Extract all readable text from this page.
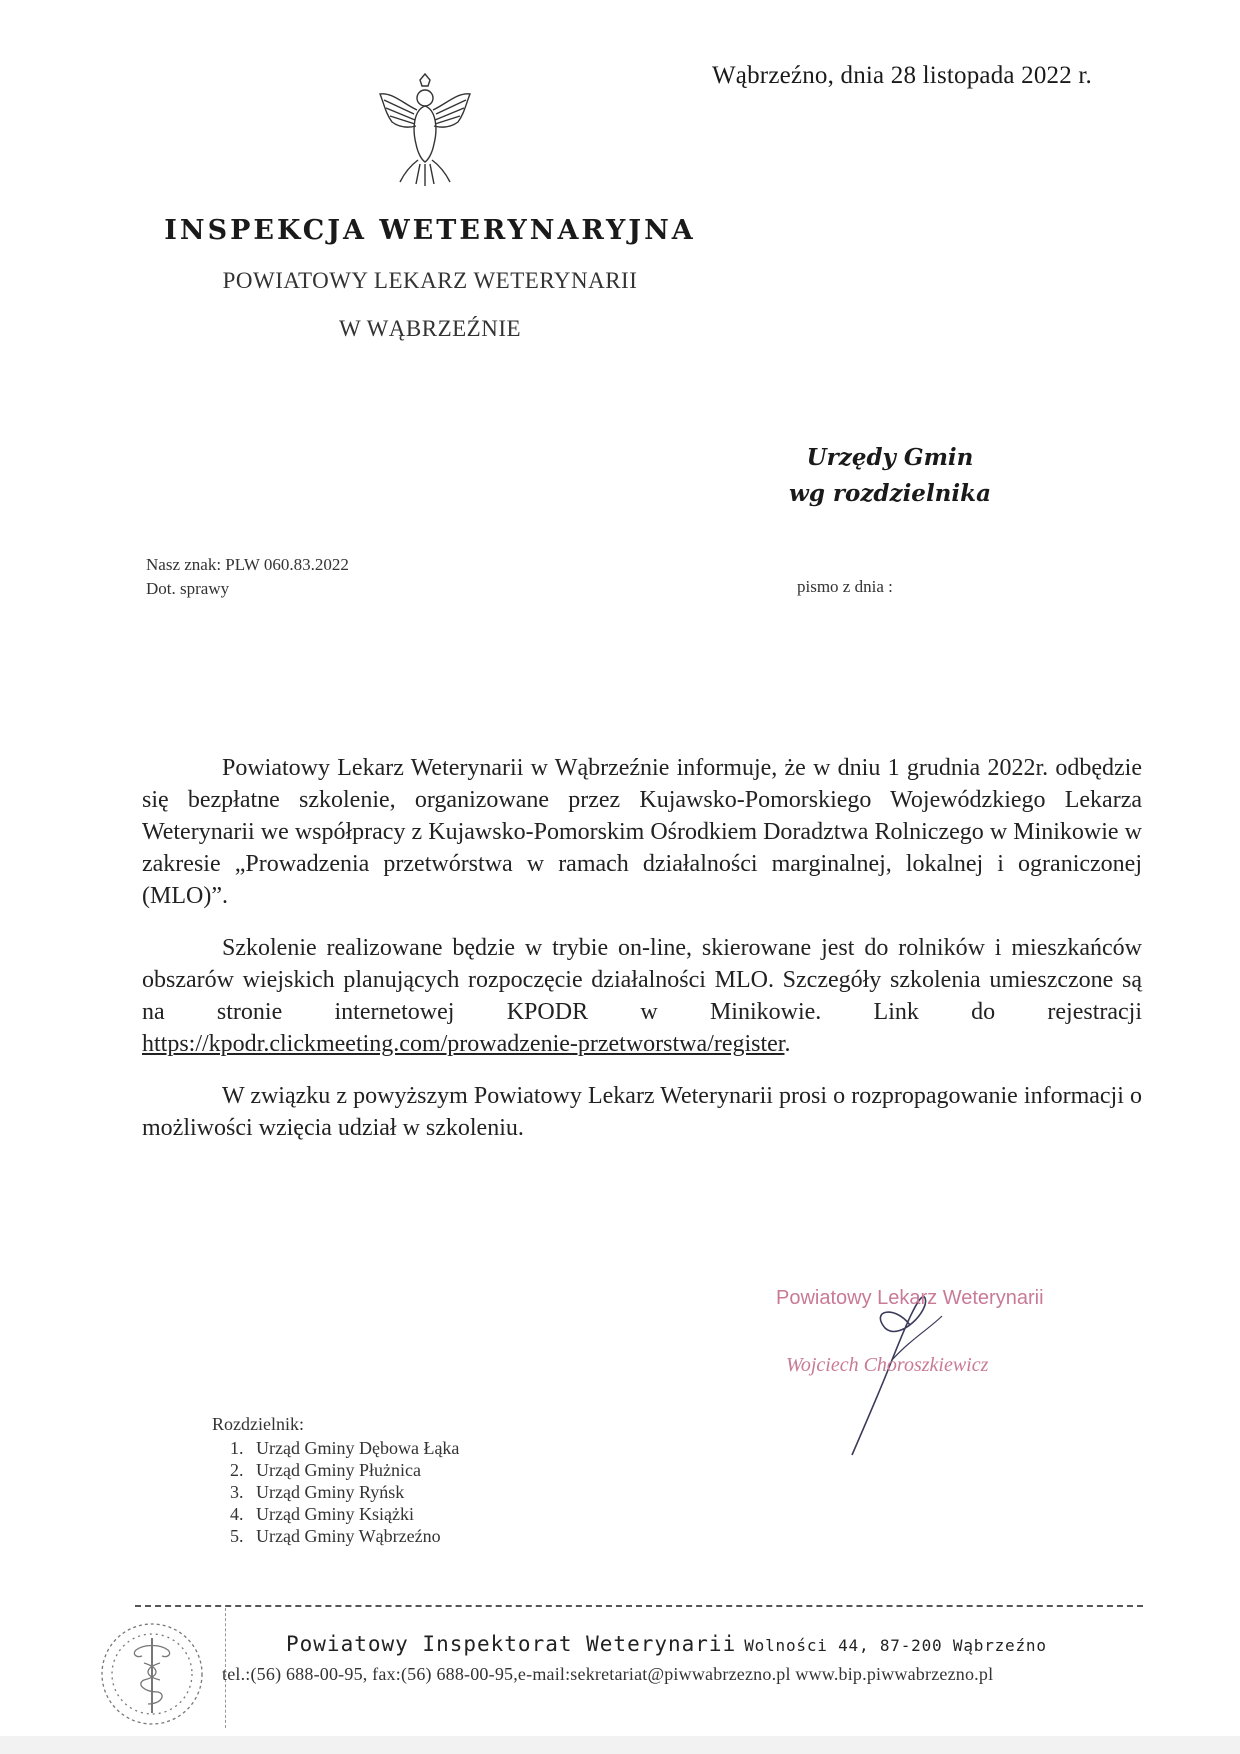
Wąbrzeźno, dnia 28 listopada 2022 r.
INSPEKCJA WETERYNARYJNA
POWIATOWY LEKARZ WETERYNARII
W WĄBRZEŹNIE
Urzędy Gmin
wg rozdzielnika
Nasz znak: PLW 060.83.2022
Dot. sprawy	pismo z dnia :

Powiatowy Lekarz Weterynarii w Wąbrzeźnie informuje, że w dniu 1 grudnia 2022r. odbędzie się bezpłatne szkolenie, organizowane przez Kujawsko-Pomorskiego Wojewódzkiego Lekarza Weterynarii we współpracy z Kujawsko-Pomorskim Ośrodkiem Doradztwa Rolniczego w Minikowie w zakresie „Prowadzenia przetwórstwa w ramach działalności marginalnej, lokalnej i ograniczonej (MLO)”.

Szkolenie realizowane będzie w trybie on-line, skierowane jest do rolników i mieszkańców obszarów wiejskich planujących rozpoczęcie działalności MLO. Szczegóły szkolenia umieszczone są na stronie internetowej KPODR w Minikowie. Link do rejestracji https://kpodr.clickmeeting.com/prowadzenie-przetworstwa/register.

W związku z powyższym Powiatowy Lekarz Weterynarii prosi o rozpropagowanie informacji o możliwości wzięcia udział w szkoleniu.

Powiatowy Lekarz Weterynarii
Wojciech Choroszkiewicz
Rozdzielnik:
1. Urząd Gminy Dębowa Łąka
2. Urząd Gminy Płużnica
3. Urząd Gminy Ryńsk
4. Urząd Gminy Książki
5. Urząd Gminy Wąbrzeźno
Powiatowy Inspektorat Weterynarii Wolności 44, 87-200 Wąbrzeźno
tel.:(56) 688-00-95, fax:(56) 688-00-95,e-mail:sekretariat@piwwabrzezno.pl www.bip.piwwabrzezno.pl
